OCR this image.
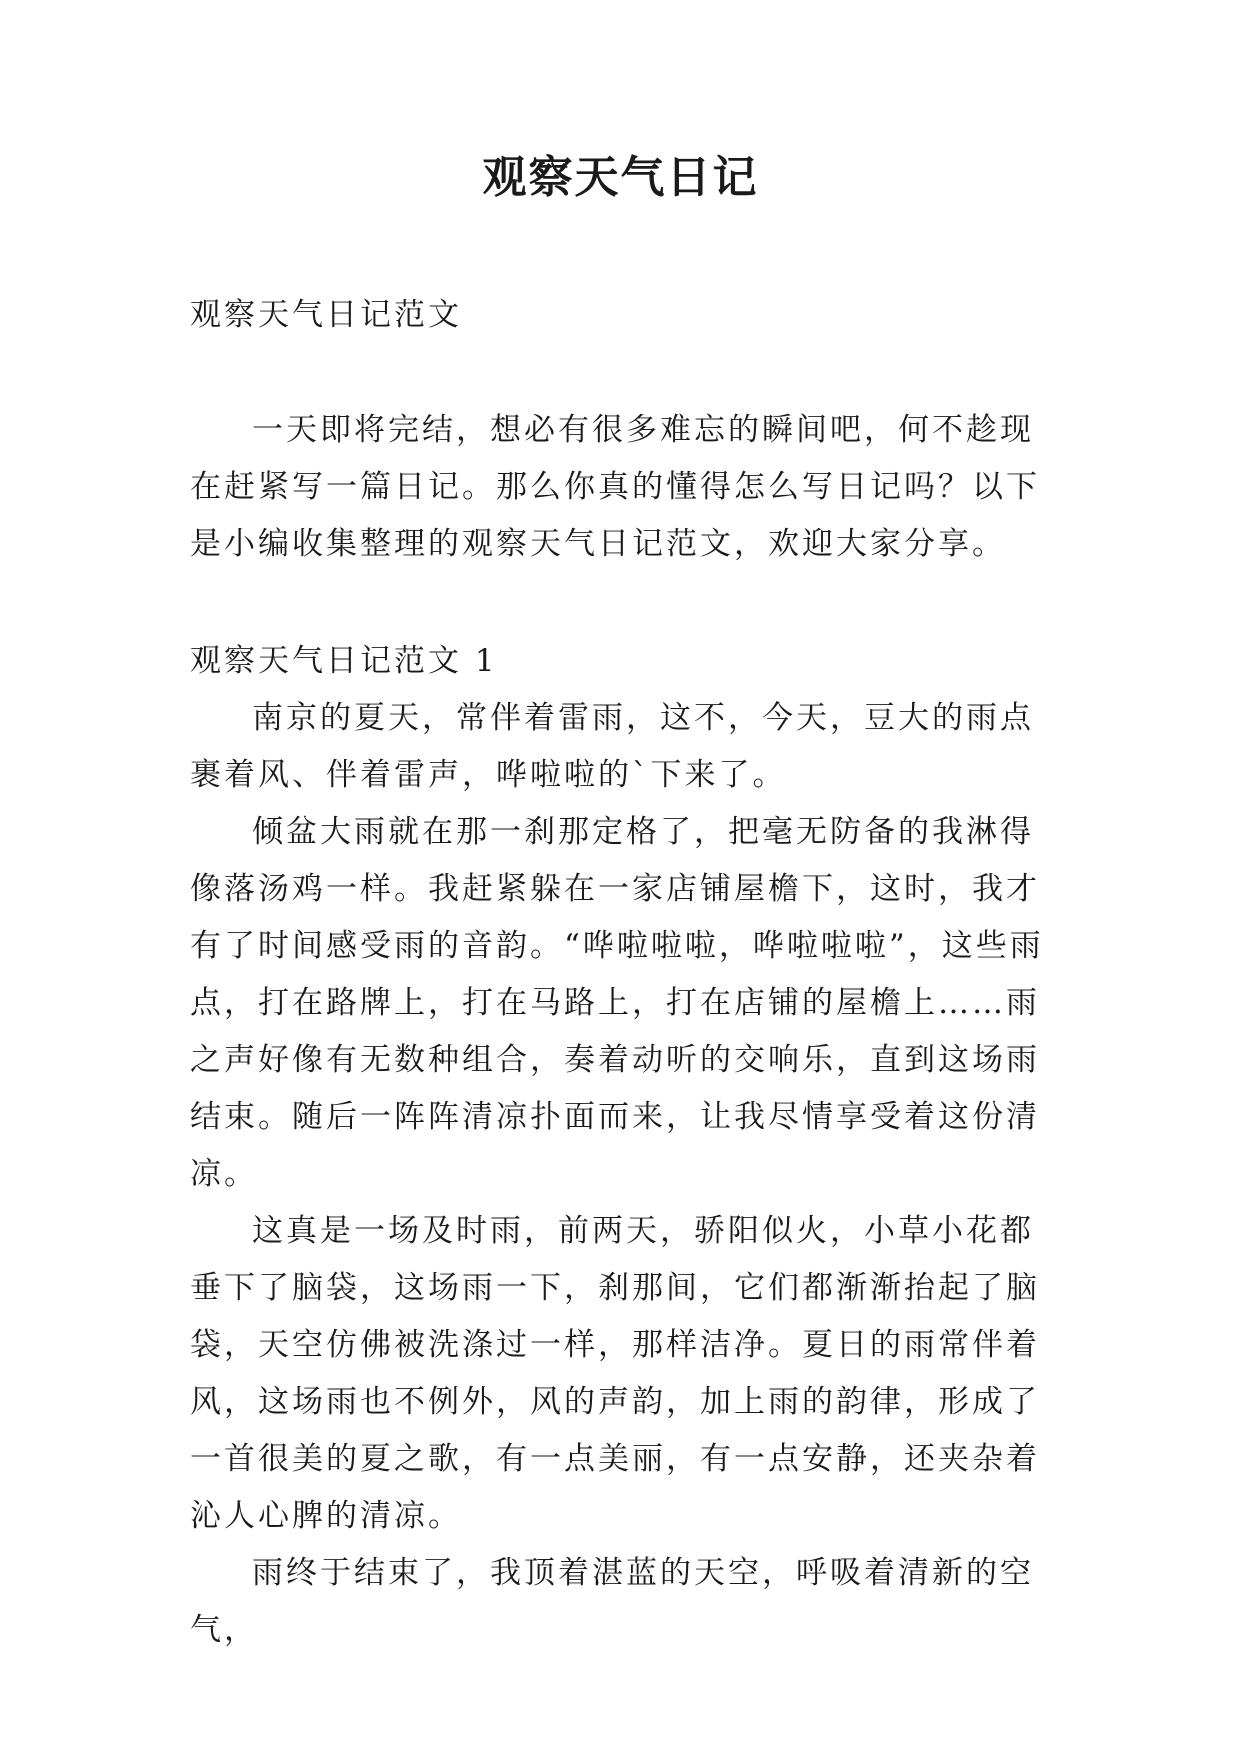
观察天气日记
观察天气日记范文

一天即将完结，想必有很多难忘的瞬间吧，何不趁现在赶紧写一篇日记。那么你真的懂得怎么写日记吗？以下是小编收集整理的观察天气日记范文，欢迎大家分享。

观察天气日记范文 1

南京的夏天，常伴着雷雨，这不，今天，豆大的雨点裹着风、伴着雷声，哗啦啦的`下来了。

倾盆大雨就在那一刹那定格了，把毫无防备的我淋得像落汤鸡一样。我赶紧躲在一家店铺屋檐下，这时，我才有了时间感受雨的音韵。“哗啦啦啦，哗啦啦啦”，这些雨点，打在路牌上，打在马路上，打在店铺的屋檐上……雨之声好像有无数种组合，奏着动听的交响乐，直到这场雨结束。随后一阵阵清凉扑面而来，让我尽情享受着这份清凉。

这真是一场及时雨，前两天，骄阳似火，小草小花都垂下了脑袋，这场雨一下，刹那间，它们都渐渐抬起了脑袋，天空仿佛被洗涤过一样，那样洁净。夏日的雨常伴着风，这场雨也不例外，风的声韵，加上雨的韵律，形成了一首很美的夏之歌，有一点美丽，有一点安静，还夹杂着沁人心脾的清凉。

雨终于结束了，我顶着湛蓝的天空，呼吸着清新的空气，
